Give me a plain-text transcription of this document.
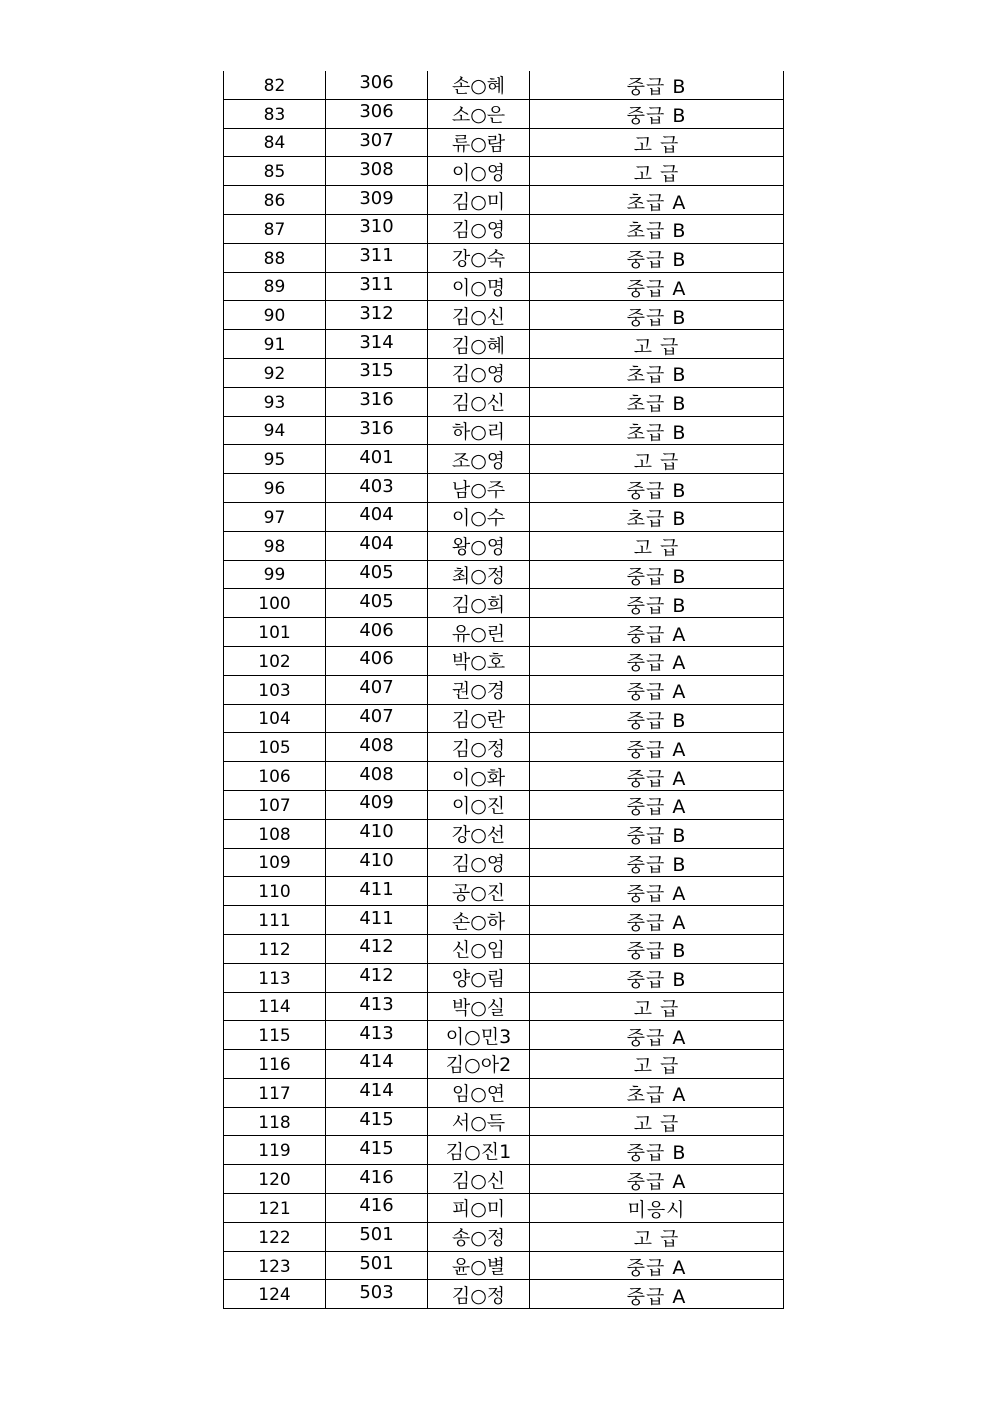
82	306	손○혜	중급 B
83	306	소○은	중급 B
84	307	류○람	고 급
85	308	이○영	고 급
86	309	김○미	초급 A
87	310	김○영	초급 B
88	311	강○숙	중급 B
89	311	이○명	중급 A
90	312	김○신	중급 B
91	314	김○혜	고 급
92	315	김○영	초급 B
93	316	김○신	초급 B
94	316	하○리	초급 B
95	401	조○영	고 급
96	403	남○주	중급 B
97	404	이○수	초급 B
98	404	왕○영	고 급
99	405	최○정	중급 B
100	405	김○희	중급 B
101	406	유○린	중급 A
102	406	박○호	중급 A
103	407	권○경	중급 A
104	407	김○란	중급 B
105	408	김○정	중급 A
106	408	이○화	중급 A
107	409	이○진	중급 A
108	410	강○선	중급 B
109	410	김○영	중급 B
110	411	공○진	중급 A
111	411	손○하	중급 A
112	412	신○임	중급 B
113	412	양○림	중급 B
114	413	박○실	고 급
115	413	이○민3	중급 A
116	414	김○아2	고 급
117	414	임○연	초급 A
118	415	서○득	고 급
119	415	김○진1	중급 B
120	416	김○신	중급 A
121	416	피○미	미응시
122	501	송○정	고 급
123	501	윤○별	중급 A
124	503	김○정	중급 A
